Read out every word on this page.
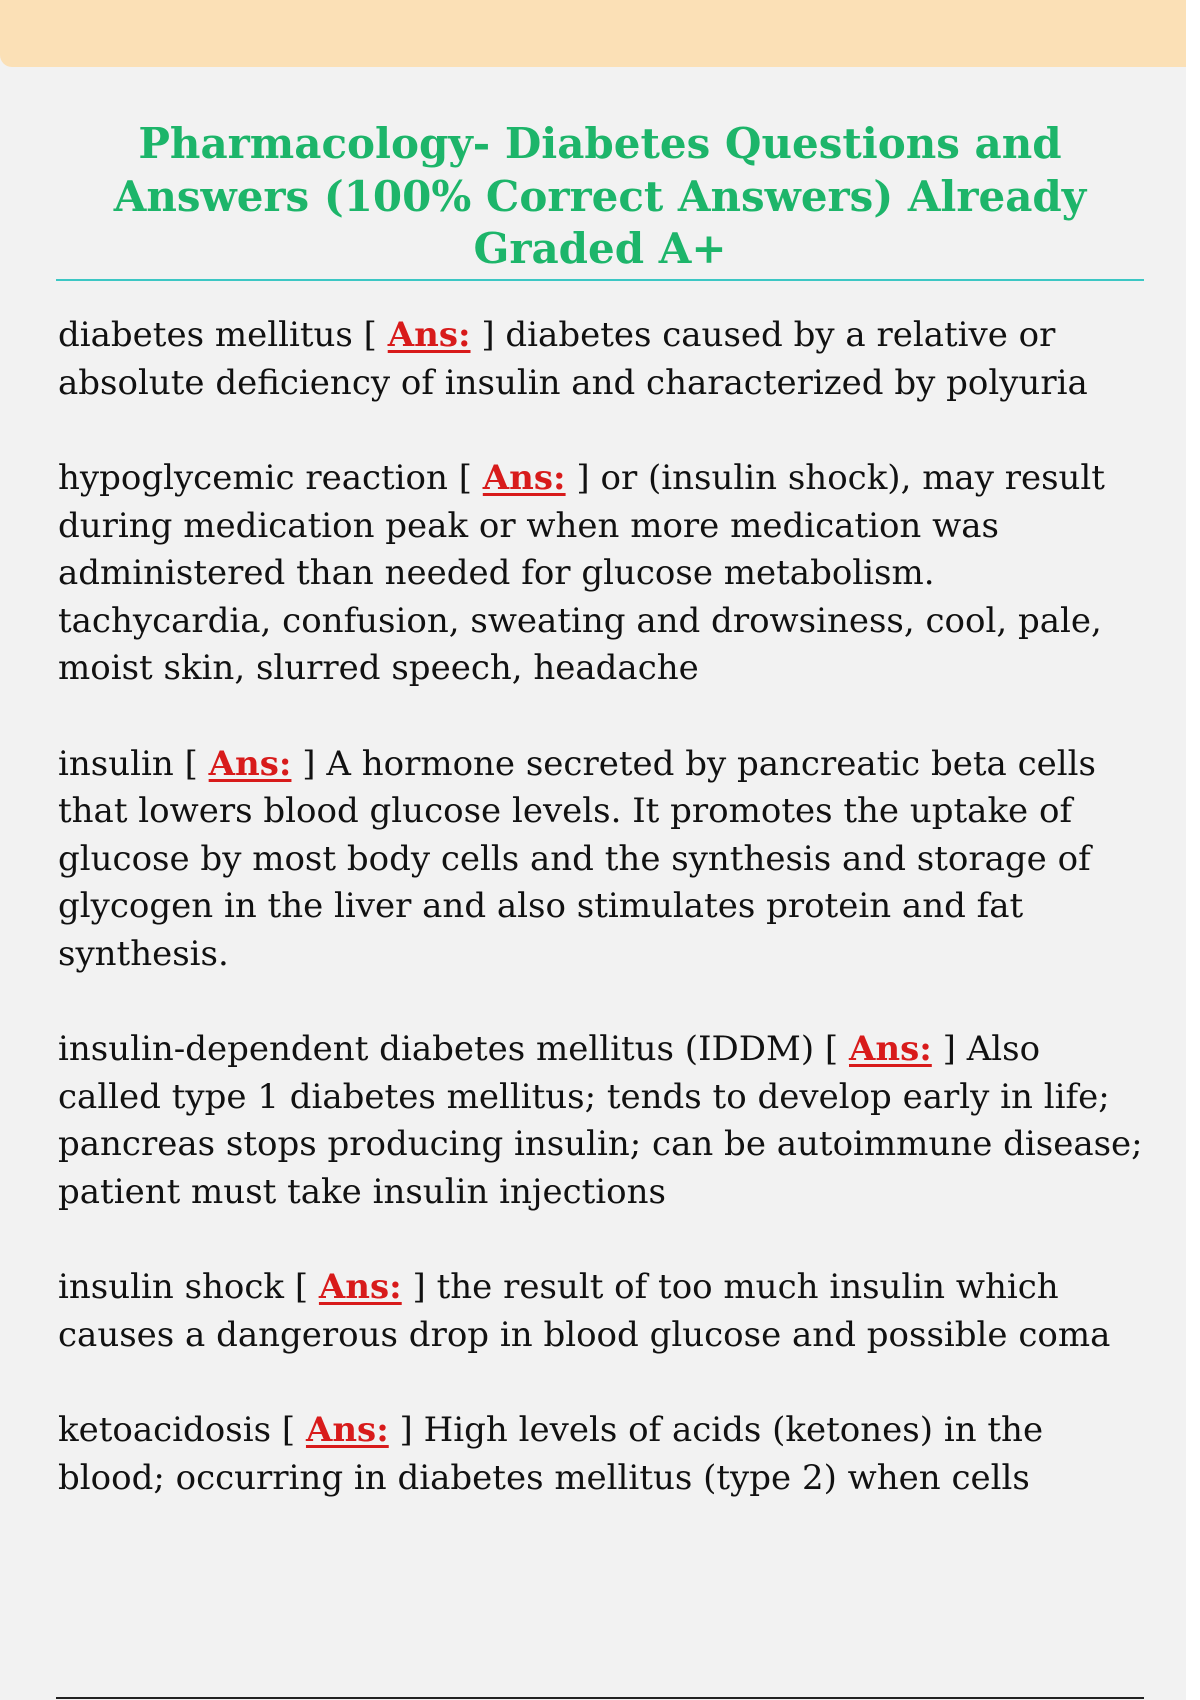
Pharmacology- Diabetes Questions and Answers (100% Correct Answers) Already Graded A+

diabetes mellitus [ Ans: ] diabetes caused by a relative or absolute deficiency of insulin and characterized by polyuria

hypoglycemic reaction [ Ans: ] or (insulin shock), may result during medication peak or when more medication was administered than needed for glucose metabolism. tachycardia, confusion, sweating and drowsiness, cool, pale, moist skin, slurred speech, headache

insulin [ Ans: ] A hormone secreted by pancreatic beta cells that lowers blood glucose levels. It promotes the uptake of glucose by most body cells and the synthesis and storage of glycogen in the liver and also stimulates protein and fat synthesis.

insulin-dependent diabetes mellitus (IDDM) [ Ans: ] Also called type 1 diabetes mellitus; tends to develop early in life; pancreas stops producing insulin; can be autoimmune disease; patient must take insulin injections

insulin shock [ Ans: ] the result of too much insulin which causes a dangerous drop in blood glucose and possible coma

ketoacidosis [ Ans: ] High levels of acids (ketones) in the blood; occurring in diabetes mellitus (type 2) when cells
